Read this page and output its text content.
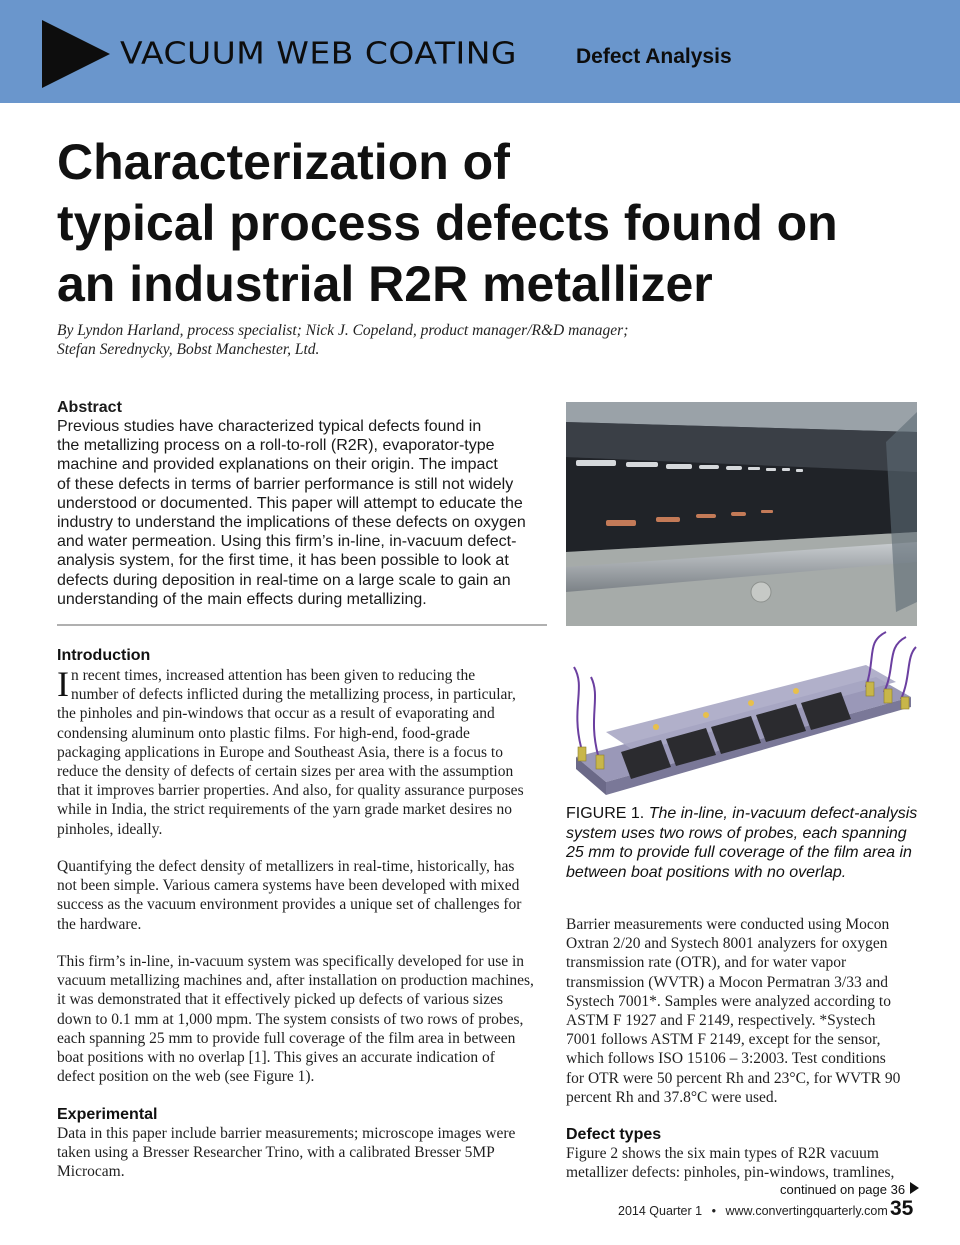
VACUUM WEB COATING	Defect Analysis
Characterization of
typical process defects found on
an industrial R2R metallizer
By Lyndon Harland, process specialist; Nick J. Copeland, product manager/R&D manager;
Stefan Serednycky, Bobst Manchester, Ltd.
Abstract
Previous studies have characterized typical defects found in
the metallizing process on a roll-to-roll (R2R), evaporator-type
machine and provided explanations on their origin. The impact
of these defects in terms of barrier performance is still not widely
understood or documented. This paper will attempt to educate the
industry to understand the implications of these defects on oxygen
and water permeation. Using this firm’s in-line, in-vacuum defect-
analysis system, for the first time, it has been possible to look at
defects during deposition in real-time on a large scale to gain an
understanding of the main effects during metallizing.
Introduction
I n recent times, increased attention has been given to reducing the
number of defects inflicted during the metallizing process, in particular,
the pinholes and pin-windows that occur as a result of evaporating and
condensing aluminum onto plastic films. For high-end, food-grade
packaging applications in Europe and Southeast Asia, there is a focus to
reduce the density of defects of certain sizes per area with the assumption
that it improves barrier properties. And also, for quality assurance purposes
while in India, the strict requirements of the yarn grade market desires no
pinholes, ideally.
Quantifying the defect density of metallizers in real-time, historically, has
not been simple. Various camera systems have been developed with mixed
success as the vacuum environment provides a unique set of challenges for
the hardware.
This firm’s in-line, in-vacuum system was specifically developed for use in
vacuum metallizing machines and, after installation on production machines,
it was demonstrated that it effectively picked up defects of various sizes
down to 0.1 mm at 1,000 mpm. The system consists of two rows of probes,
each spanning 25 mm to provide full coverage of the film area in between
boat positions with no overlap [1]. This gives an accurate indication of
defect position on the web (see Figure 1).
Experimental
Data in this paper include barrier measurements; microscope images were
taken using a Bresser Researcher Trino, with a calibrated Bresser 5MP
Microcam.
FIGURE 1. The in-line, in-vacuum defect-analysis
system uses two rows of probes, each spanning
25 mm to provide full coverage of the film area in
between boat positions with no overlap.
Barrier measurements were conducted using Mocon
Oxtran 2/20 and Systech 8001 analyzers for oxygen
transmission rate (OTR), and for water vapor
transmission (WVTR) a Mocon Permatran 3/33 and
Systech 7001*. Samples were analyzed according to
ASTM F 1927 and F 2149, respectively. *Systech
7001 follows ASTM F 2149, except for the sensor,
which follows ISO 15106 – 3:2003. Test conditions
for OTR were 50 percent Rh and 23°C, for WVTR 90
percent Rh and 37.8°C were used.
Defect types
Figure 2 shows the six main types of R2R vacuum
metallizer defects: pinholes, pin-windows, tramlines,
continued on page 36
2014 Quarter 1 • www.convertingquarterly.com 35
